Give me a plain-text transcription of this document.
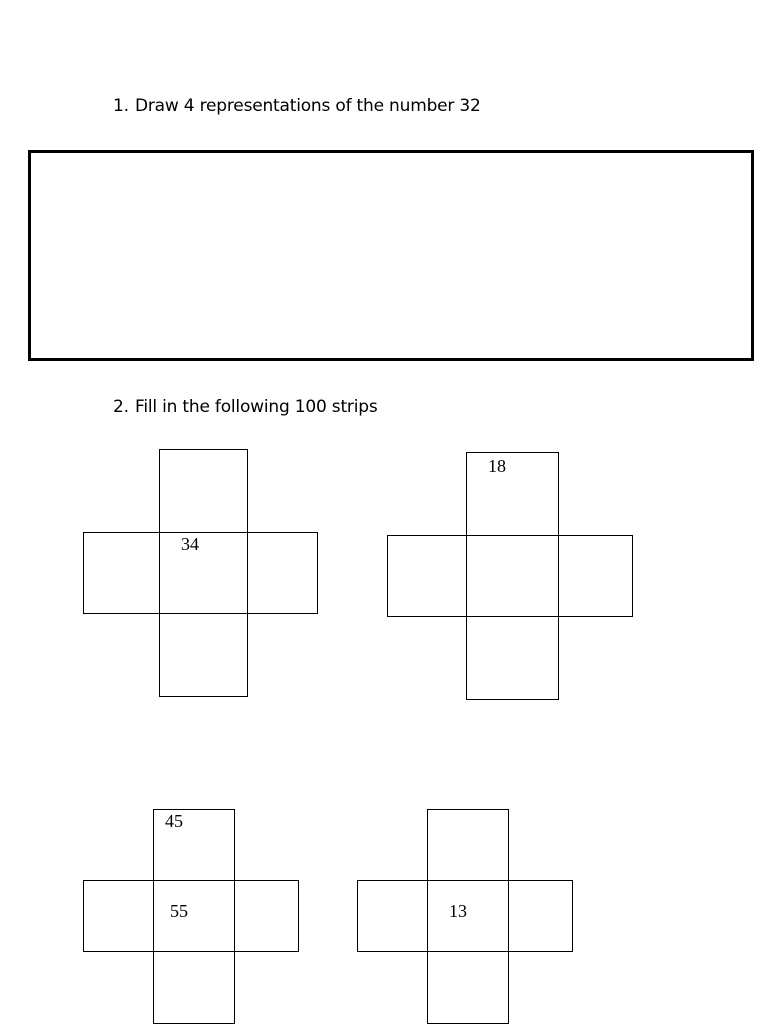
1. Draw 4 representations of the number 32
2. Fill in the following 100 strips
34
18
45
55	13
